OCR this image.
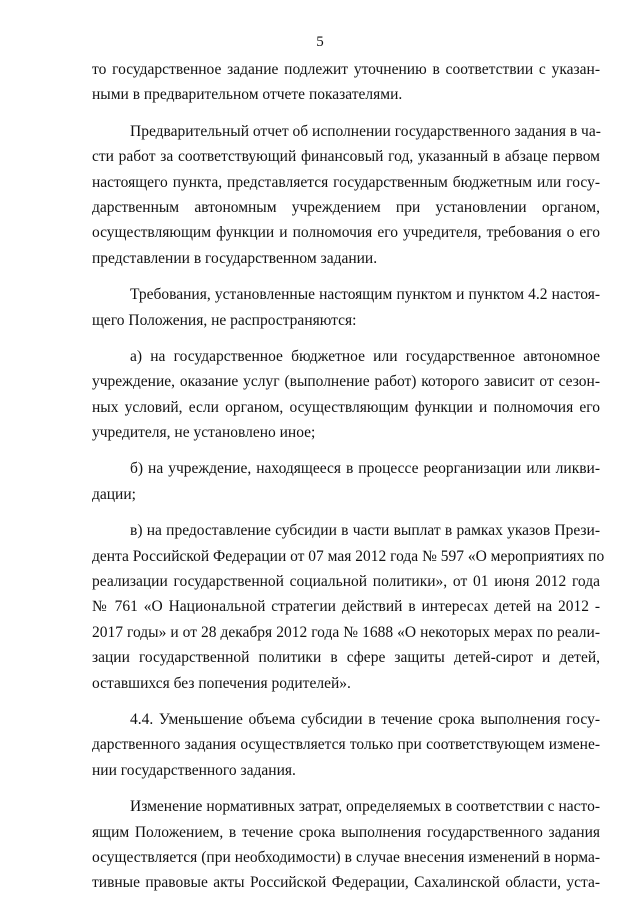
5
то государственное задание подлежит уточнению в соответствии с указан-
ными в предварительном отчете показателями.
Предварительный отчет об исполнении государственного задания в ча-
сти работ за соответствующий финансовый год, указанный в абзаце первом
настоящего пункта, представляется государственным бюджетным или госу-
дарственным автономным учреждением при установлении органом,
осуществляющим функции и полномочия его учредителя, требования о его
представлении в государственном задании.
Требования, установленные настоящим пунктом и пунктом 4.2 настоя-
щего Положения, не распространяются:
а) на государственное бюджетное или государственное автономное
учреждение, оказание услуг (выполнение работ) которого зависит от сезон-
ных условий, если органом, осуществляющим функции и полномочия его
учредителя, не установлено иное;
б) на учреждение, находящееся в процессе реорганизации или ликви-
дации;
в) на предоставление субсидии в части выплат в рамках указов Прези-
дента Российской Федерации от 07 мая 2012 года № 597 «О мероприятиях по
реализации государственной социальной политики», от 01 июня 2012 года
№ 761 «О Национальной стратегии действий в интересах детей на 2012 -
2017 годы» и от 28 декабря 2012 года № 1688 «О некоторых мерах по реали-
зации государственной политики в сфере защиты детей-сирот и детей,
оставшихся без попечения родителей».
4.4. Уменьшение объема субсидии в течение срока выполнения госу-
дарственного задания осуществляется только при соответствующем измене-
нии государственного задания.
Изменение нормативных затрат, определяемых в соответствии с насто-
ящим Положением, в течение срока выполнения государственного задания
осуществляется (при необходимости) в случае внесения изменений в норма-
тивные правовые акты Российской Федерации, Сахалинской области, уста-
